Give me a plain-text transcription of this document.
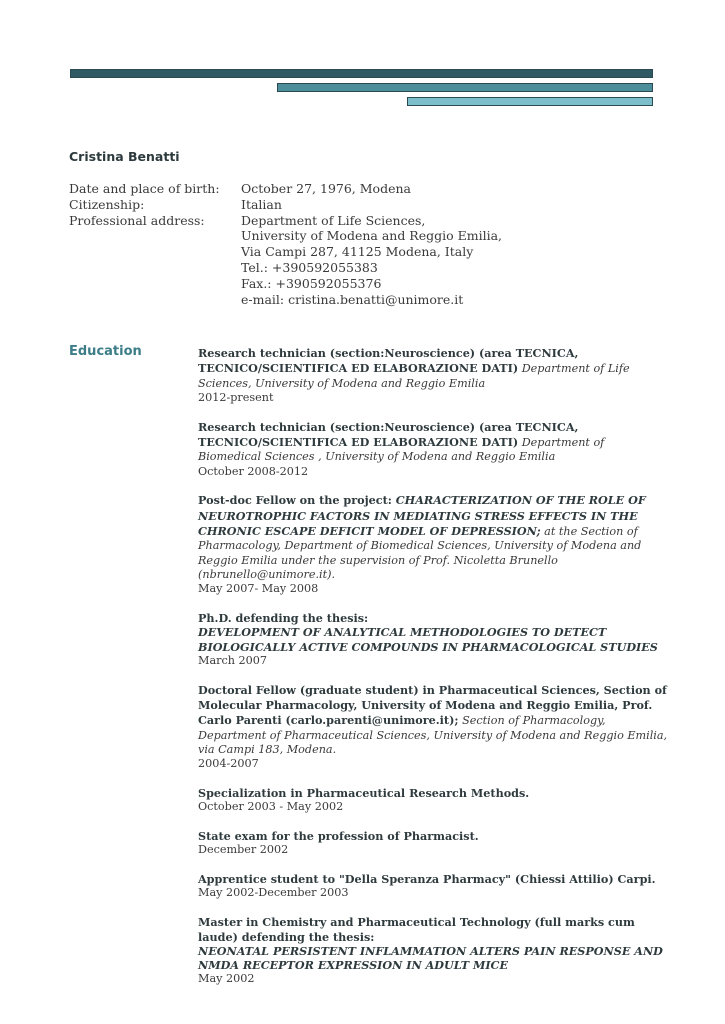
Cristina Benatti
Date and place of birth:	October 27, 1976, Modena
Citizenship:	Italian
Professional address:	Department of Life Sciences,
University of Modena and Reggio Emilia,
Via Campi 287, 41125 Modena, Italy
Tel.: +390592055383
Fax.: +390592055376
e-mail: cristina.benatti@unimore.it
Education	Research technician (section:Neuroscience) (area TECNICA, TECNICO/SCIENTIFICA ED ELABORAZIONE DATI) Department of Life Sciences, University of Modena and Reggio Emilia
2012-present
Research technician (section:Neuroscience) (area TECNICA, TECNICO/SCIENTIFICA ED ELABORAZIONE DATI) Department of Biomedical Sciences , University of Modena and Reggio Emilia
October 2008-2012
Post-doc Fellow on the project: CHARACTERIZATION OF THE ROLE OF NEUROTROPHIC FACTORS IN MEDIATING STRESS EFFECTS IN THE CHRONIC ESCAPE DEFICIT MODEL OF DEPRESSION; at the Section of Pharmacology, Department of Biomedical Sciences, University of Modena and Reggio Emilia under the supervision of Prof. Nicoletta Brunello (nbrunello@unimore.it).
May 2007- May 2008
Ph.D. defending the thesis:
DEVELOPMENT OF ANALYTICAL METHODOLOGIES TO DETECT BIOLOGICALLY ACTIVE COMPOUNDS IN PHARMACOLOGICAL STUDIES
March 2007
Doctoral Fellow (graduate student) in Pharmaceutical Sciences, Section of Molecular Pharmacology, University of Modena and Reggio Emilia, Prof. Carlo Parenti (carlo.parenti@unimore.it); Section of Pharmacology, Department of Pharmaceutical Sciences, University of Modena and Reggio Emilia, via Campi 183, Modena.
2004-2007
Specialization in Pharmaceutical Research Methods.
October 2003 - May 2002
State exam for the profession of Pharmacist.
December 2002
Apprentice student to "Della Speranza Pharmacy" (Chiessi Attilio) Carpi.
May 2002-December 2003
Master in Chemistry and Pharmaceutical Technology (full marks cum laude) defending the thesis:
NEONATAL PERSISTENT INFLAMMATION ALTERS PAIN RESPONSE AND NMDA RECEPTOR EXPRESSION IN ADULT MICE
May 2002
